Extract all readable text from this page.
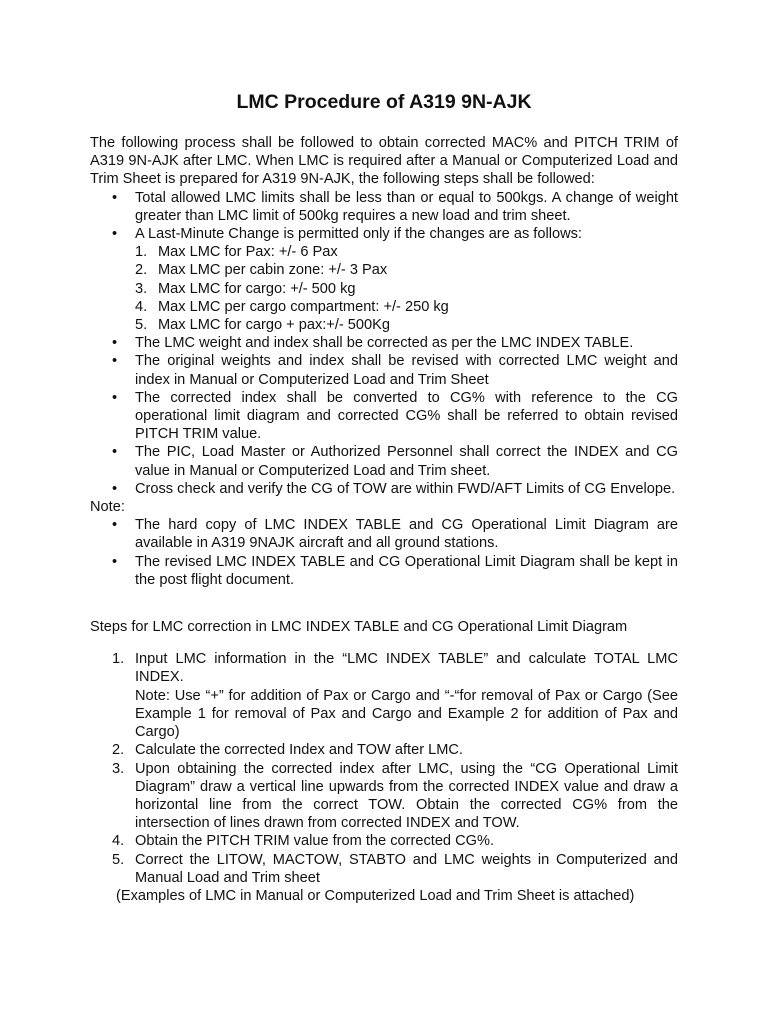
LMC Procedure of A319 9N-AJK

The following process shall be followed to obtain corrected MAC% and PITCH TRIM of A319 9N-AJK after LMC. When LMC is required after a Manual or Computerized Load and Trim Sheet is prepared for A319 9N-AJK, the following steps shall be followed:

• Total allowed LMC limits shall be less than or equal to 500kgs. A change of weight greater than LMC limit of 500kg requires a new load and trim sheet.
• A Last-Minute Change is permitted only if the changes are as follows:
1. Max LMC for Pax: +/- 6 Pax
2. Max LMC per cabin zone: +/- 3 Pax
3. Max LMC for cargo: +/- 500 kg
4. Max LMC per cargo compartment: +/- 250 kg
5. Max LMC for cargo + pax:+/- 500Kg
• The LMC weight and index shall be corrected as per the LMC INDEX TABLE.
• The original weights and index shall be revised with corrected LMC weight and index in Manual or Computerized Load and Trim Sheet
• The corrected index shall be converted to CG% with reference to the CG operational limit diagram and corrected CG% shall be referred to obtain revised PITCH TRIM value.
• The PIC, Load Master or Authorized Personnel shall correct the INDEX and CG value in Manual or Computerized Load and Trim sheet.
• Cross check and verify the CG of TOW are within FWD/AFT Limits of CG Envelope.

Note:

• The hard copy of LMC INDEX TABLE and CG Operational Limit Diagram are available in A319 9NAJK aircraft and all ground stations.
• The revised LMC INDEX TABLE and CG Operational Limit Diagram shall be kept in the post flight document.

Steps for LMC correction in LMC INDEX TABLE and CG Operational Limit Diagram

1. Input LMC information in the “LMC INDEX TABLE” and calculate TOTAL LMC INDEX.
Note: Use “+” for addition of Pax or Cargo and “-“for removal of Pax or Cargo (See Example 1 for removal of Pax and Cargo and Example 2 for addition of Pax and Cargo)
2. Calculate the corrected Index and TOW after LMC.
3. Upon obtaining the corrected index after LMC, using the “CG Operational Limit Diagram” draw a vertical line upwards from the corrected INDEX value and draw a horizontal line from the correct TOW. Obtain the corrected CG% from the intersection of lines drawn from corrected INDEX and TOW.
4. Obtain the PITCH TRIM value from the corrected CG%.
5. Correct the LITOW, MACTOW, STABTO and LMC weights in Computerized and Manual Load and Trim sheet

(Examples of LMC in Manual or Computerized Load and Trim Sheet is attached)
